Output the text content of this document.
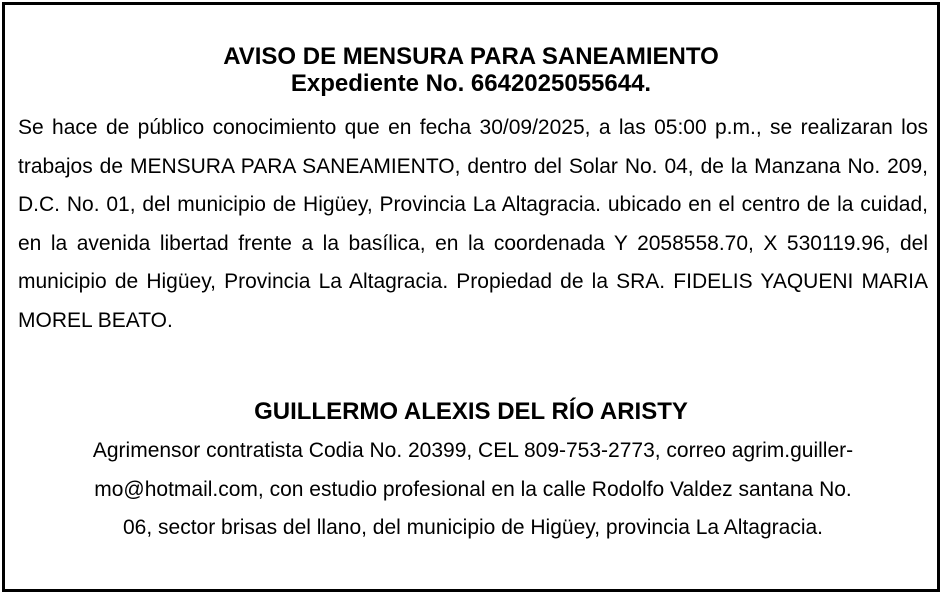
AVISO DE MENSURA PARA SANEAMIENTO
Expediente No. 6642025055644.

Se hace de público conocimiento que en fecha 30/09/2025, a las 05:00 p.m., se realizaran los trabajos de MENSURA PARA SANEAMIENTO, dentro del Solar No. 04, de la Manzana No. 209, D.C. No. 01, del municipio de Higüey, Provincia La Altagracia. ubicado en el centro de la cuidad, en la avenida libertad frente a la basílica, en la coordenada Y 2058558.70, X 530119.96, del municipio de Higüey, Provincia La Altagracia. Propiedad de la SRA. FIDELIS YAQUENI MARIA MOREL BEATO.

GUILLERMO ALEXIS DEL RÍO ARISTY

Agrimensor contratista Codia No. 20399, CEL 809-753-2773, correo agrim.guiller-
mo@hotmail.com, con estudio profesional en la calle Rodolfo Valdez santana No.
06, sector brisas del llano, del municipio de Higüey, provincia La Altagracia.
